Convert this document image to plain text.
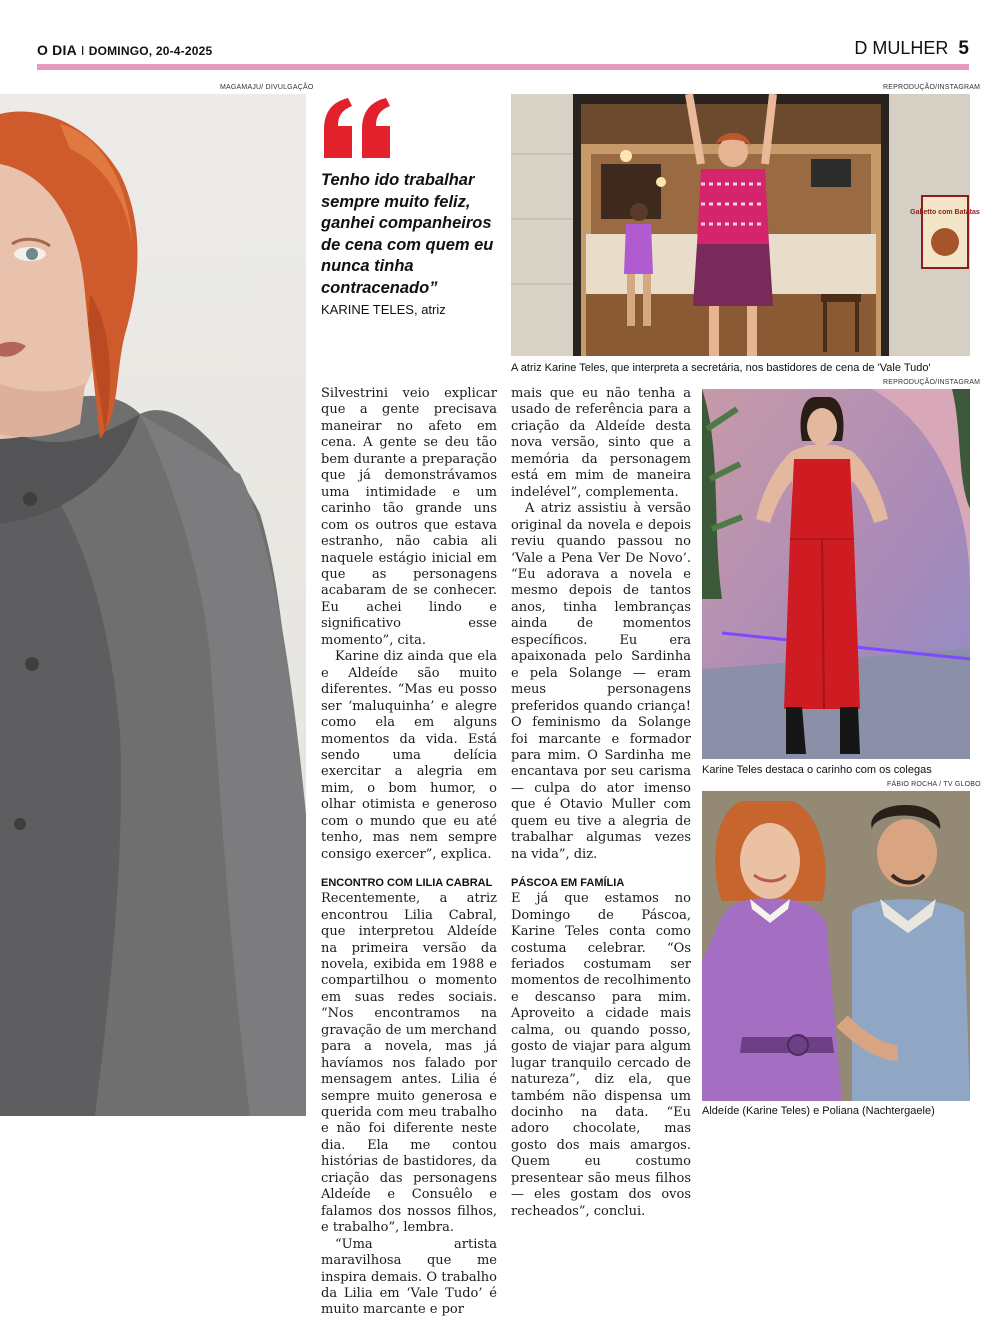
O DIA I DOMINGO, 20-4-2025	D MULHER 5
MAGAMAJU/ DIVULGAÇÃO
Tenho ido trabalhar sempre muito feliz, ganhei companheiros de cena com quem eu nunca tinha contracenado”
KARINE TELES, atriz
REPRODUÇÃO/INSTAGRAM
Galletto com Batatas
A atriz Karine Teles, que interpreta a secretária, nos bastidores de cena de 'Vale Tudo'
REPRODUÇÃO/INSTAGRAM
Karine Teles destaca o carinho com os colegas
FÁBIO ROCHA / TV GLOBO
Aldeíde (Karine Teles) e Poliana (Nachtergaele)

Silvestrini veio explicar que a gente precisava maneirar no afeto em cena. A gente se deu tão bem durante a preparação que já demonstrávamos uma intimidade e um carinho tão grande uns com os outros que estava estranho, não cabia ali naquele estágio inicial em que as personagens acabaram de se conhecer. Eu achei lindo e significativo esse momento”, cita.

Karine diz ainda que ela e Aldeíde são muito diferentes. “Mas eu posso ser ‘maluquinha’ e alegre como ela em alguns momentos da vida. Está sendo uma delícia exercitar a alegria em mim, o bom humor, o olhar otimista e generoso com o mundo que eu até tenho, mas nem sempre consigo exercer”, explica.

ENCONTRO COM LILIA CABRAL

Recentemente, a atriz encontrou Lilia Cabral, que interpretou Aldeíde na primeira versão da novela, exibida em 1988 e compartilhou o momento em suas redes sociais. “Nos encontramos na gravação de um merchand para a novela, mas já havíamos nos falado por mensagem antes. Lilia é sempre muito generosa e querida com meu trabalho e não foi diferente neste dia. Ela me contou histórias de bastidores, da criação das personagens Aldeíde e Consuêlo e falamos dos nossos filhos, e trabalho”, lembra.

“Uma artista maravilhosa que me inspira demais. O trabalho da Lilia em ‘Vale Tudo’ é muito marcante e por

mais que eu não tenha a usado de referência para a criação da Aldeíde desta nova versão, sinto que a memória da personagem está em mim de maneira indelével”, complementa.

A atriz assistiu à versão original da novela e depois reviu quando passou no ‘Vale a Pena Ver De Novo’. “Eu adorava a novela e mesmo depois de tantos anos, tinha lembranças ainda de momentos específicos. Eu era apaixonada pelo Sardinha e pela Solange — eram meus personagens preferidos quando criança! O feminismo da Solange foi marcante e formador para mim. O Sardinha me encantava por seu carisma — culpa do ator imenso que é Otavio Muller com quem eu tive a alegria de trabalhar algumas vezes na vida”, diz.

PÁSCOA EM FAMÍLIA

E já que estamos no Domingo de Páscoa, Karine Teles conta como costuma celebrar. “Os feriados costumam ser momentos de recolhimento e descanso para mim. Aproveito a cidade mais calma, ou quando posso, gosto de viajar para algum lugar tranquilo cercado de natureza”, diz ela, que também não dispensa um docinho na data. “Eu adoro chocolate, mas gosto dos mais amargos. Quem eu costumo presentear são meus filhos — eles gostam dos ovos recheados”, conclui.
